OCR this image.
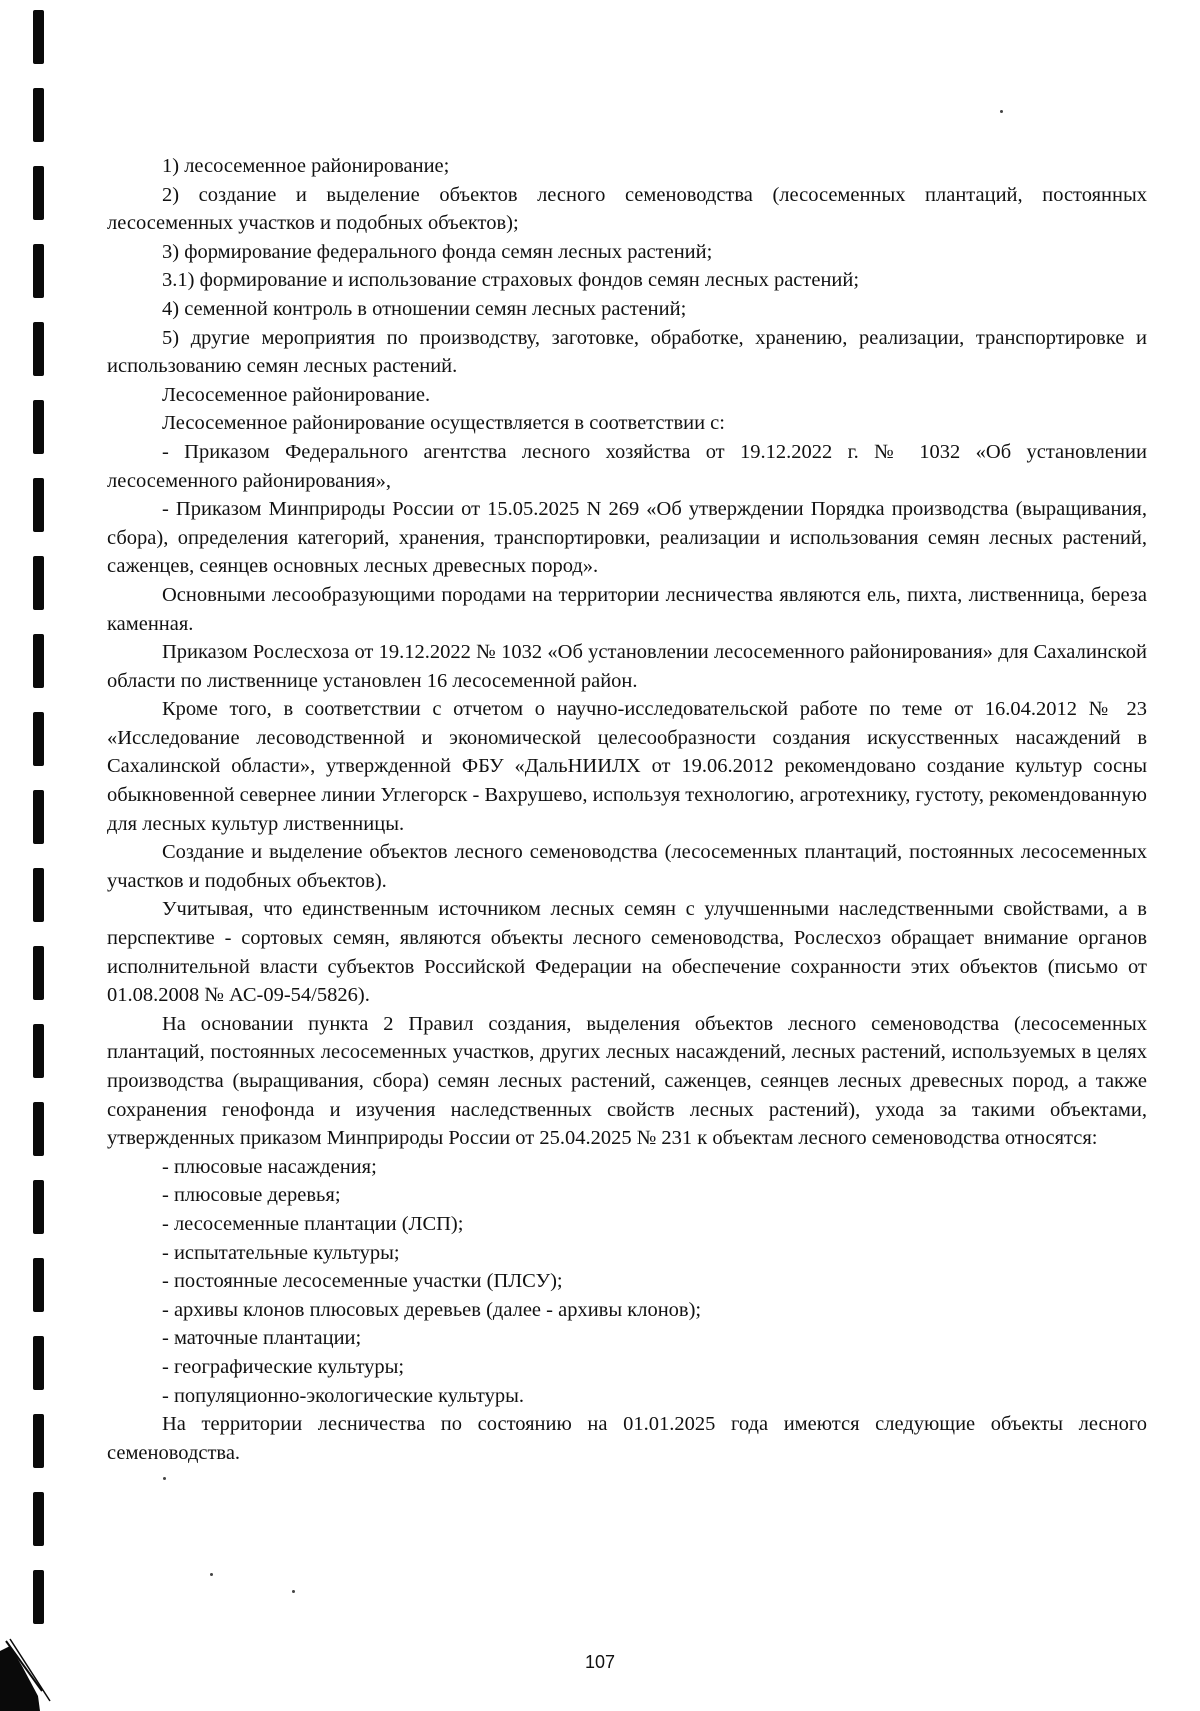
1) лесосеменное районирование;

2) создание и выделение объектов лесного семеноводства (лесосеменных плантаций, постоянных лесосеменных участков и подобных объектов);

3) формирование федерального фонда семян лесных растений;

3.1) формирование и использование страховых фондов семян лесных растений;

4) семенной контроль в отношении семян лесных растений;

5) другие мероприятия по производству, заготовке, обработке, хранению, реализации, транспортировке и использованию семян лесных растений.

Лесосеменное районирование.

Лесосеменное районирование осуществляется в соответствии с:

- Приказом Федерального агентства лесного хозяйства от 19.12.2022 г. № 1032 «Об установлении лесосеменного районирования»,

- Приказом Минприроды России от 15.05.2025 N 269 «Об утверждении Порядка производства (выращивания, сбора), определения категорий, хранения, транспортировки, реализации и использования семян лесных растений, саженцев, сеянцев основных лесных древесных пород».

Основными лесообразующими породами на территории лесничества являются ель, пихта, лиственница, береза каменная.

Приказом Рослесхоза от 19.12.2022 № 1032 «Об установлении лесосеменного районирования» для Сахалинской области по лиственнице установлен 16 лесосеменной район.

Кроме того, в соответствии с отчетом о научно-исследовательской работе по теме от 16.04.2012 № 23 «Исследование лесоводственной и экономической целесообразности создания искусственных насаждений в Сахалинской области», утвержденной ФБУ «ДальНИИЛХ от 19.06.2012 рекомендовано создание культур сосны обыкновенной севернее линии Углегорск - Вахрушево, используя технологию, агротехнику, густоту, рекомендованную для лесных культур лиственницы.

Создание и выделение объектов лесного семеноводства (лесосеменных плантаций, постоянных лесосеменных участков и подобных объектов).

Учитывая, что единственным источником лесных семян с улучшенными наследственными свойствами, а в перспективе - сортовых семян, являются объекты лесного семеноводства, Рослесхоз обращает внимание органов исполнительной власти субъектов Российской Федерации на обеспечение сохранности этих объектов (письмо от 01.08.2008 № АС-09-54/5826).

На основании пункта 2 Правил создания, выделения объектов лесного семеноводства (лесосеменных плантаций, постоянных лесосеменных участков, других лесных насаждений, лесных растений, используемых в целях производства (выращивания, сбора) семян лесных растений, саженцев, сеянцев лесных древесных пород, а также сохранения генофонда и изучения наследственных свойств лесных растений), ухода за такими объектами, утвержденных приказом Минприроды России от 25.04.2025 № 231 к объектам лесного семеноводства относятся:

- плюсовые насаждения;

- плюсовые деревья;

- лесосеменные плантации (ЛСП);

- испытательные культуры;

- постоянные лесосеменные участки (ПЛСУ);

- архивы клонов плюсовых деревьев (далее - архивы клонов);

- маточные плантации;

- географические культуры;

- популяционно-экологические культуры.

На территории лесничества по состоянию на 01.01.2025 года имеются следующие объекты лесного семеноводства.

107
